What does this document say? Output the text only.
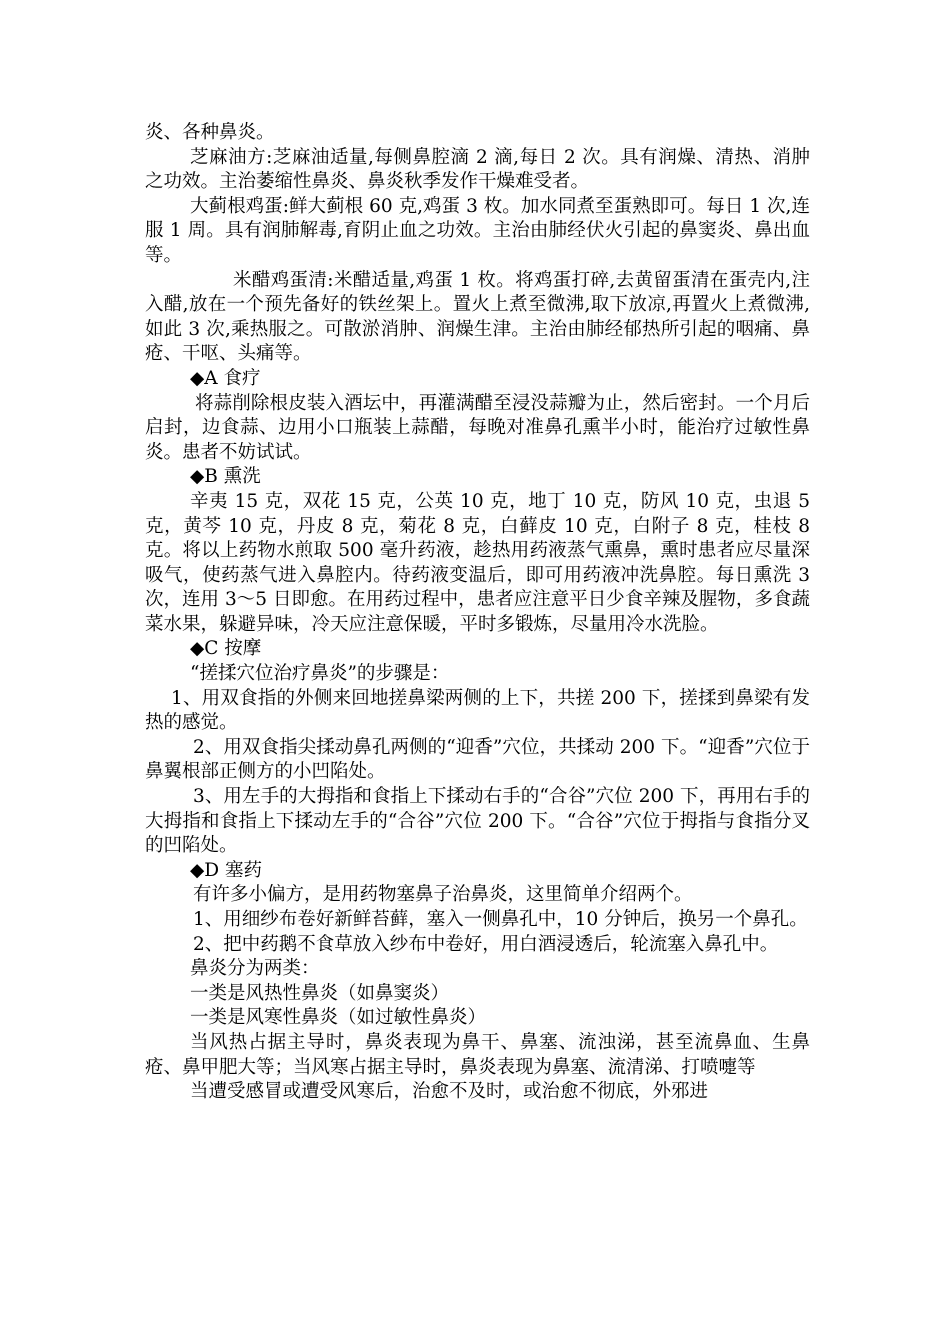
炎、各种鼻炎。

芝麻油方:芝麻油适量,每侧鼻腔滴 2 滴,每日 2 次。具有润燥、清热、消肿之功效。主治萎缩性鼻炎、鼻炎秋季发作干燥难受者。

大蓟根鸡蛋:鲜大蓟根 60 克,鸡蛋 3 枚。加水同煮至蛋熟即可。每日 1 次,连服 1 周。具有润肺解毒,育阴止血之功效。主治由肺经伏火引起的鼻窦炎、鼻出血等。

米醋鸡蛋清:米醋适量,鸡蛋 1 枚。将鸡蛋打碎,去黄留蛋清在蛋壳内,注入醋,放在一个预先备好的铁丝架上。置火上煮至微沸,取下放凉,再置火上煮微沸,如此 3 次,乘热服之。可散淤消肿、润燥生津。主治由肺经郁热所引起的咽痛、鼻疮、干呕、头痛等。

◆A 食疗

将蒜削除根皮装入酒坛中，再灌满醋至浸没蒜瓣为止，然后密封。一个月后启封，边食蒜、边用小口瓶装上蒜醋，每晚对准鼻孔熏半小时，能治疗过敏性鼻炎。患者不妨试试。

◆B 熏洗

辛夷 15 克，双花 15 克，公英 10 克，地丁 10 克，防风 10 克，虫退 5 克，黄芩 10 克，丹皮 8 克，菊花 8 克，白藓皮 10 克，白附子 8 克，桂枝 8 克。将以上药物水煎取 500 毫升药液，趁热用药液蒸气熏鼻，熏时患者应尽量深吸气，使药蒸气进入鼻腔内。待药液变温后，即可用药液冲洗鼻腔。每日熏洗 3 次，连用 3～5 日即愈。在用药过程中，患者应注意平日少食辛辣及腥物，多食蔬菜水果，躲避异味，冷天应注意保暖，平时多锻炼，尽量用冷水洗脸。

◆C 按摩

“搓揉穴位治疗鼻炎”的步骤是：

1、用双食指的外侧来回地搓鼻梁两侧的上下，共搓 200 下，搓揉到鼻梁有发热的感觉。

2、用双食指尖揉动鼻孔两侧的“迎香”穴位，共揉动 200 下。“迎香”穴位于鼻翼根部正侧方的小凹陷处。

3、用左手的大拇指和食指上下揉动右手的“合谷”穴位 200 下，再用右手的大拇指和食指上下揉动左手的“合谷”穴位 200 下。“合谷”穴位于拇指与食指分叉的凹陷处。

◆D 塞药

有许多小偏方，是用药物塞鼻子治鼻炎，这里简单介绍两个。

1、用细纱布卷好新鲜苔藓，塞入一侧鼻孔中，10 分钟后，换另一个鼻孔。

2、把中药鹅不食草放入纱布中卷好，用白酒浸透后，轮流塞入鼻孔中。

鼻炎分为两类：

一类是风热性鼻炎（如鼻窦炎）

一类是风寒性鼻炎（如过敏性鼻炎）

当风热占据主导时，鼻炎表现为鼻干、鼻塞、流浊涕，甚至流鼻血、生鼻疮、鼻甲肥大等；当风寒占据主导时，鼻炎表现为鼻塞、流清涕、打喷嚏等

当遭受感冒或遭受风寒后，治愈不及时，或治愈不彻底，外邪进
